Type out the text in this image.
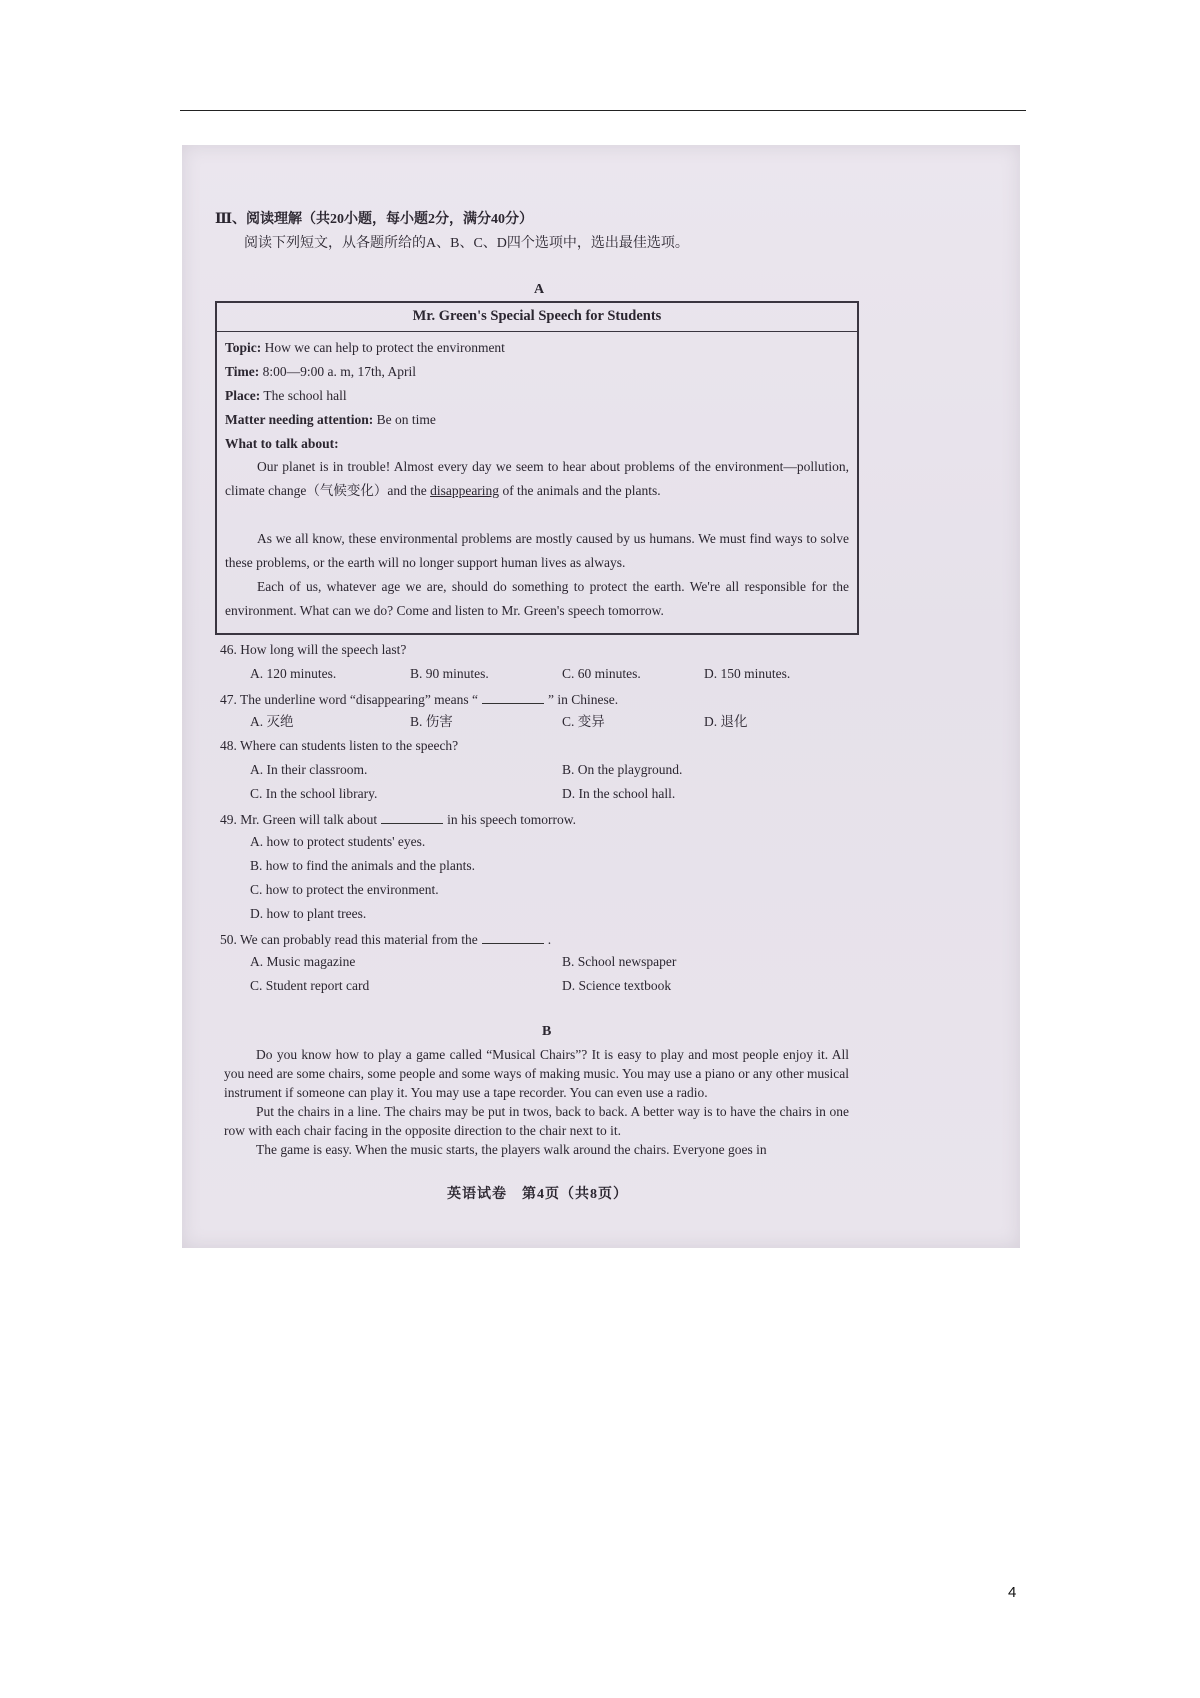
Ⅲ、阅读理解（共20小题，每小题2分，满分40分）
阅读下列短文，从各题所给的A、B、C、D四个选项中，选出最佳选项。
A
Mr. Green's Special Speech for Students
Topic: How we can help to protect the environment
Time: 8:00—9:00 a. m, 17th, April
Place: The school hall
Matter needing attention: Be on time
What to talk about:
Our planet is in trouble! Almost every day we seem to hear about problems of the environment—pollution, climate change（气候变化）and the disappearing of the animals and the plants.
As we all know, these environmental problems are mostly caused by us humans. We must find ways to solve these problems, or the earth will no longer support human lives as always.
Each of us, whatever age we are, should do something to protect the earth. We're all responsible for the environment. What can we do? Come and listen to Mr. Green's speech tomorrow.
46. How long will the speech last?
A. 120 minutes.	B. 90 minutes.	C. 60 minutes.	D. 150 minutes.
47. The underline word “disappearing” means “	” in Chinese.
A. 灭绝	B. 伤害	C. 变异	D. 退化
48. Where can students listen to the speech?
A. In their classroom.	B. On the playground.
C. In the school library.	D. In the school hall.
49. Mr. Green will talk about	in his speech tomorrow.
A. how to protect students' eyes.
B. how to find the animals and the plants.
C. how to protect the environment.
D. how to plant trees.
50. We can probably read this material from the	.
A. Music magazine	B. School newspaper
C. Student report card	D. Science textbook
B

Do you know how to play a game called “Musical Chairs”? It is easy to play and most people enjoy it. All you need are some chairs, some people and some ways of making music. You may use a piano or any other musical instrument if someone can play it. You may use a tape recorder. You can even use a radio.

Put the chairs in a line. The chairs may be put in twos, back to back. A better way is to have the chairs in one row with each chair facing in the opposite direction to the chair next to it.

The game is easy. When the music starts, the players walk around the chairs. Everyone goes in

英语试卷　第4页（共8页）
4
